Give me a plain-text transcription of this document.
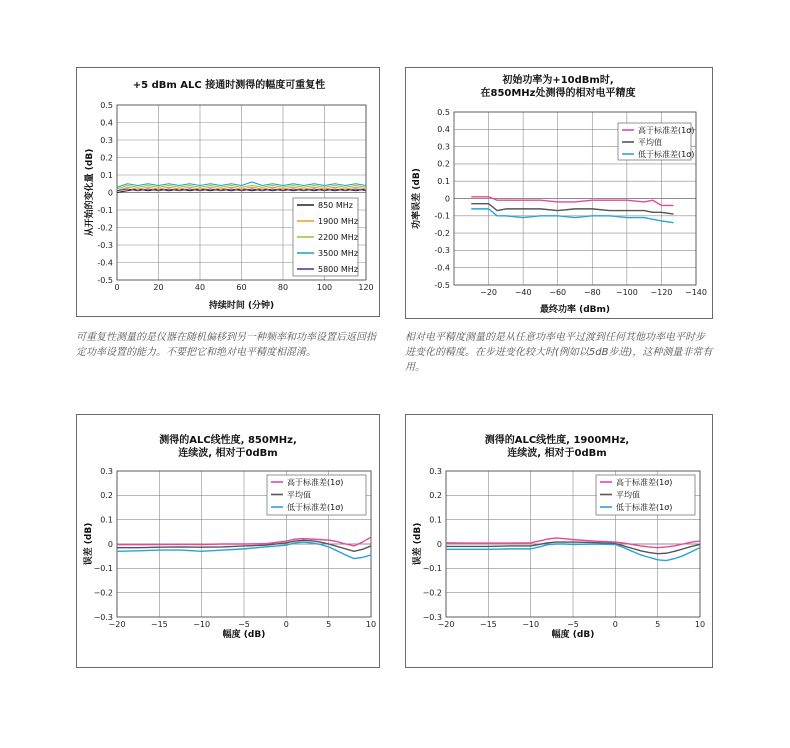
+5 dBm ALC 接通时测得的幅度可重复性
0.5
0.4
0.3
0.2
0.1
0
-0.1
-0.2
-0.3
-0.4
-0.5
0	20	40	60	80	100	120
持续时间 (分钟)
从开始的变化量 (dB)	850 MHz
1900 MHz
2200 MHz
3500 MHz
5800 MHz
初始功率为+10dBm时,
在850MHz处测得的相对电平精度
0.5
0.4
0.3
0.2
0.1
0
-0.1
-0.2
-0.3
-0.4
-0.5
−20 −40 −60 −80 −100 −120 −140
最终功率 (dBm)
功率误差 (dB)
高于标准差(1σ)
平均值
低于标准差(1σ)
可重复性测量的是仪器在随机偏移到另一种频率和功率设置后返回指定功率设置的能力。不要把它和绝对电平精度相混淆。
相对电平精度测量的是从任意功率电平过渡到任何其他功率电平时步进变化的精度。在步进变化较大时(例如以5dB步进)，这种测量非常有用。
测得的ALC线性度, 850MHz,
连续波, 相对于0dBm
0.3
0.2
0.1
0
−0.1
−0.2
−0.3
−20	−15	−10	−5	0	5	10
幅度 (dB)
误差 (dB)
高于标准差(1σ)
平均值
低于标准差(1σ)
测得的ALC线性度, 1900MHz,
连续波, 相对于0dBm
0.3
0.2
0.1
0
−0.1
−0.2
−0.3
−20	−15	−10	−5	0	5	10
幅度 (dB)
误差 (dB)
高于标准差(1σ)
平均值
低于标准差(1σ)
